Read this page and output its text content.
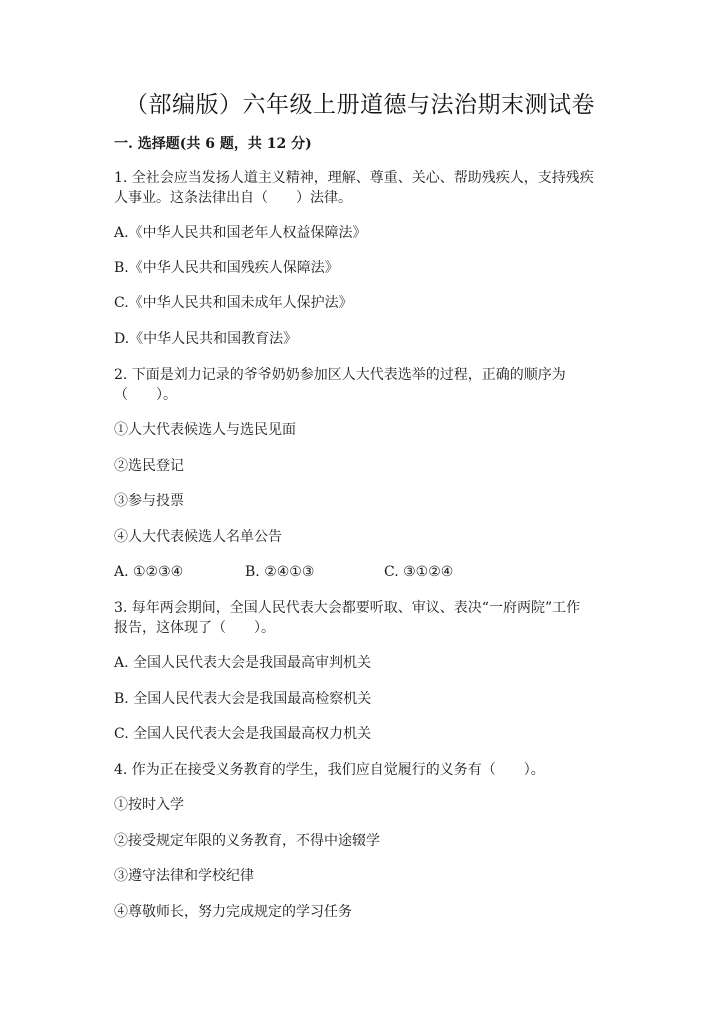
（部编版）六年级上册道德与法治期末测试卷
一. 选择题(共 6 题，共 12 分)
1. 全社会应当发扬人道主义精神，理解、尊重、关心、帮助残疾人，支持残疾
人事业。这条法律出自（　　）法律。
A.《中华人民共和国老年人权益保障法》
B.《中华人民共和国残疾人保障法》
C.《中华人民共和国未成年人保护法》
D.《中华人民共和国教育法》
2. 下面是刘力记录的爷爷奶奶参加区人大代表选举的过程，正确的顺序为
（　　）。
①人大代表候选人与选民见面
②选民登记
③参与投票
④人大代表候选人名单公告
A. ①②③④	B. ②④①③	C. ③①②④
3. 每年两会期间，全国人民代表大会都要听取、审议、表决“一府两院”工作
报告，这体现了（　　）。
A. 全国人民代表大会是我国最高审判机关
B. 全国人民代表大会是我国最高检察机关
C. 全国人民代表大会是我国最高权力机关
4. 作为正在接受义务教育的学生，我们应自觉履行的义务有（　　）。
①按时入学
②接受规定年限的义务教育，不得中途辍学
③遵守法律和学校纪律
④尊敬师长，努力完成规定的学习任务
